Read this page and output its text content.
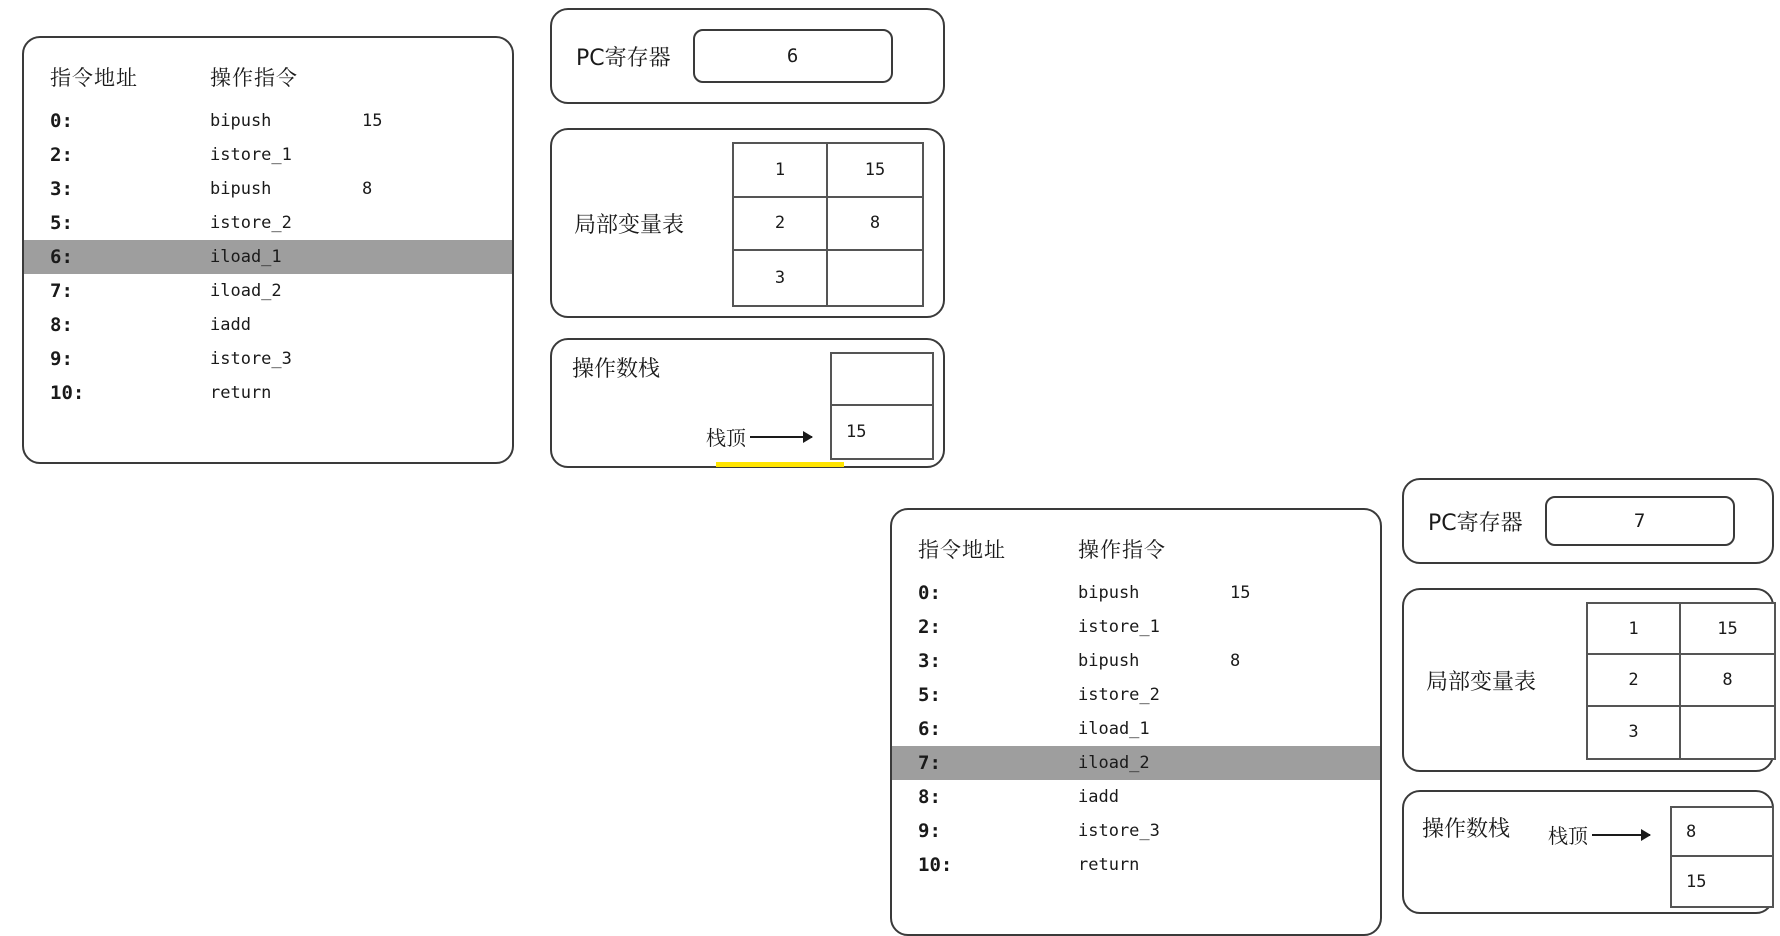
指令地址	操作指令
0:	bipush	15
2:	istore_1
3:	bipush	8
5:	istore_2
6:	iload_1
7:	iload_2
8:	iadd
9:	istore_3
10:	return
PC寄存器	6
局部变量表
1	15
2	8
3
操作数栈
15
栈顶
指令地址	操作指令
0:	bipush	15
2:	istore_1
3:	bipush	8
5:	istore_2
6:	iload_1
7:	iload_2
8:	iadd
9:	istore_3
10:	return
PC寄存器	7
局部变量表
1	15
2	8
3
操作数栈	8
15
栈顶
